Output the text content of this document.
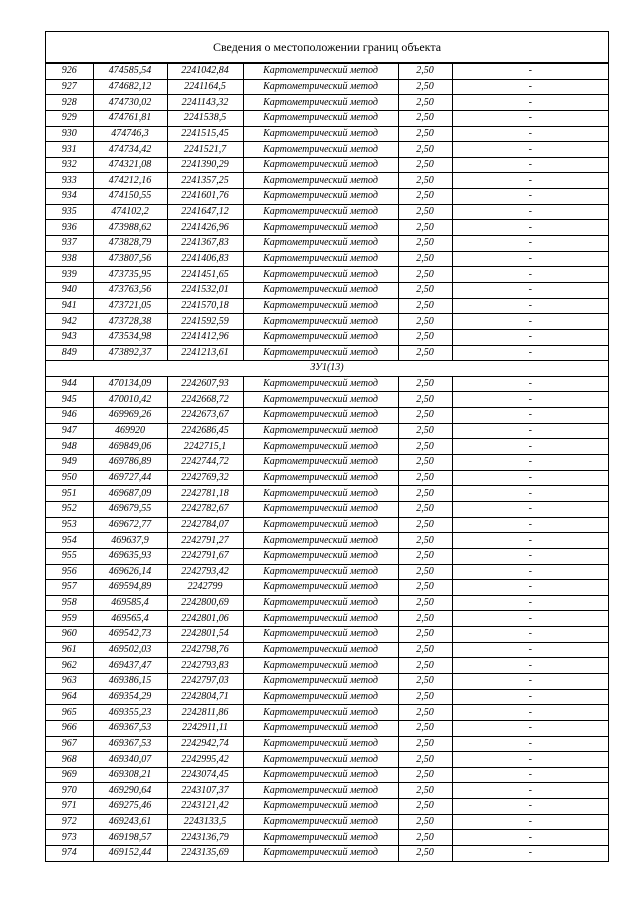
Сведения о местоположении границ объекта
926	474585,54	2241042,84	Картометрический метод	2,50	-
927	474682,12	2241164,5	Картометрический метод	2,50	-
928	474730,02	2241143,32	Картометрический метод	2,50	-
929	474761,81	2241538,5	Картометрический метод	2,50	-
930	474746,3	2241515,45	Картометрический метод	2,50	-
931	474734,42	2241521,7	Картометрический метод	2,50	-
932	474321,08	2241390,29	Картометрический метод	2,50	-
933	474212,16	2241357,25	Картометрический метод	2,50	-
934	474150,55	2241601,76	Картометрический метод	2,50	-
935	474102,2	2241647,12	Картометрический метод	2,50	-
936	473988,62	2241426,96	Картометрический метод	2,50	-
937	473828,79	2241367,83	Картометрический метод	2,50	-
938	473807,56	2241406,83	Картометрический метод	2,50	-
939	473735,95	2241451,65	Картометрический метод	2,50	-
940	473763,56	2241532,01	Картометрический метод	2,50	-
941	473721,05	2241570,18	Картометрический метод	2,50	-
942	473728,38	2241592,59	Картометрический метод	2,50	-
943	473534,98	2241412,96	Картометрический метод	2,50	-
849	473892,37	2241213,61	Картометрический метод	2,50	-
ЗУ1(13)					
944	470134,09	2242607,93	Картометрический метод	2,50	-
945	470010,42	2242668,72	Картометрический метод	2,50	-
946	469969,26	2242673,67	Картометрический метод	2,50	-
947	469920	2242686,45	Картометрический метод	2,50	-
948	469849,06	2242715,1	Картометрический метод	2,50	-
949	469786,89	2242744,72	Картометрический метод	2,50	-
950	469727,44	2242769,32	Картометрический метод	2,50	-
951	469687,09	2242781,18	Картометрический метод	2,50	-
952	469679,55	2242782,67	Картометрический метод	2,50	-
953	469672,77	2242784,07	Картометрический метод	2,50	-
954	469637,9	2242791,27	Картометрический метод	2,50	-
955	469635,93	2242791,67	Картометрический метод	2,50	-
956	469626,14	2242793,42	Картометрический метод	2,50	-
957	469594,89	2242799	Картометрический метод	2,50	-
958	469585,4	2242800,69	Картометрический метод	2,50	-
959	469565,4	2242801,06	Картометрический метод	2,50	-
960	469542,73	2242801,54	Картометрический метод	2,50	-
961	469502,03	2242798,76	Картометрический метод	2,50	-
962	469437,47	2242793,83	Картометрический метод	2,50	-
963	469386,15	2242797,03	Картометрический метод	2,50	-
964	469354,29	2242804,71	Картометрический метод	2,50	-
965	469355,23	2242811,86	Картометрический метод	2,50	-
966	469367,53	2242911,11	Картометрический метод	2,50	-
967	469367,53	2242942,74	Картометрический метод	2,50	-
968	469340,07	2242995,42	Картометрический метод	2,50	-
969	469308,21	2243074,45	Картометрический метод	2,50	-
970	469290,64	2243107,37	Картометрический метод	2,50	-
971	469275,46	2243121,42	Картометрический метод	2,50	-
972	469243,61	2243133,5	Картометрический метод	2,50	-
973	469198,57	2243136,79	Картометрический метод	2,50	-
974	469152,44	2243135,69	Картометрический метод	2,50	-
